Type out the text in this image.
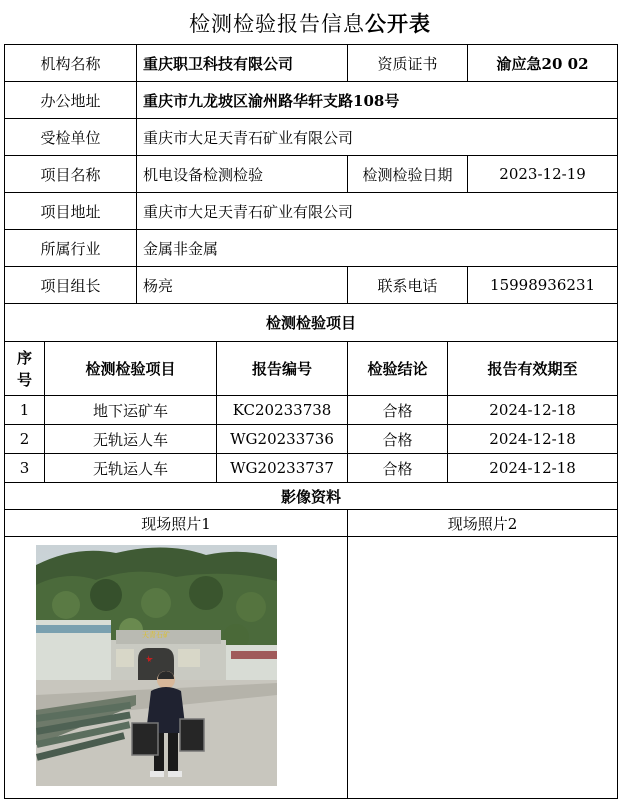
检测检验报告信息公开表
机构名称		重庆职卫科技有限公司		资质证书		渝应急20 02
办公地址		重庆市九龙坡区渝州路华轩支路108号				
受检单位		重庆市大足天青石矿业有限公司				
项目名称		机电设备检测检验		检测检验日期		2023-12-19
项目地址		重庆市大足天青石矿业有限公司				
所属行业		金属非金属				
项目组长		杨亮		联系电话		15998936231
检测检验项目						
序号	检测检验项目		报告编号	检验结论	报告有效期至	
1	地下运矿车		KC20233738	合格	2024-12-18	
2	无轨运人车		WG20233736	合格	2024-12-18	
3	无轨运人车		WG20233737	合格	2024-12-18	
影像资料						
现场照片1				现场照片2		

天青石矿						
